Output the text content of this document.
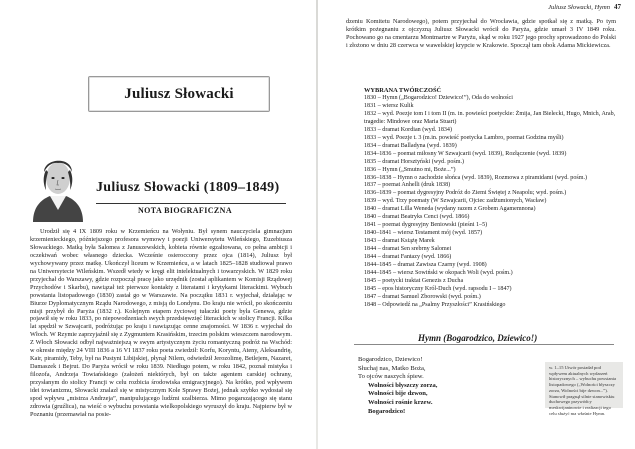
Juliusz Słowacki
Juliusz Słowacki (1809–1849)
NOTA BIOGRAFICZNA

Urodził się 4 IX 1809 roku w Krzemieńcu na Wołyniu. Był synem nauczyciela gimnazjum krzemienieckiego, późniejszego profesora wymowy i poezji Uniwersytetu Wileńskiego, Euzebiusza Słowackiego. Matką była Salomea z Januszewskich, kobieta równie egzaltowana, co pełna ambicji i oczekiwań wobec własnego dziecka. Wcześnie osieroccony przez ojca (1814), Juliusz był wychowywany przez matkę. Ukończył liceum w Krzemieńcu, a w latach 1825–1828 studiował prawo na Uniwersytecie Wileńskim. Wszedł wtedy w kręgi elit intelektualnych i towarzyskich. W 1829 roku przyjechał do Warszawy, gdzie rozpoczął pracę jako urzędnik (został aplikantem w Komisji Rządowej Przychodów i Skarbu), nawiązał też pierwsze kontakty z literatami i krytykami literackimi. Wybuch powstania listopadowego (1830) zastał go w Warszawie. Na początku 1831 r. wyjechał, działając w Biurze Dyplomatycznym Rządu Narodowego, z misją do Londynu. Do kraju nie wrócił, po skończeniu misji przybył do Paryża (1832 r.). Kolejnym etapem życiowej tułaczki poety była Genewa, gdzie pojawił się w roku 1833, po niepowodzeniach swych przedsięwzięć literackich w stolicy Francji. Kilka lat spędził w Szwajcarii, podróżując po kraju i nawiązując cenne znajomości. W 1836 r. wyjechał do Włoch. W Rzymie zaprzyjaźnił się z Zygmuntem Krasińskim, trzecim polskim wieszczem narodowym. Z Włoch Słowacki odbył najważniejszą w swym artystycznym życiu romantyczną podróż na Wschód: w okresie między 24 VIII 1836 a 16 VI 1837 roku poeta zwiedził: Korfu, Koryntu, Ateny, Aleksandrię, Kair, piramidy, Teby, był na Pustyni Libijskiej, płynął Nilem, odwiedził Jerozolimę, Betlejem, Nazaret, Damaszek i Bejrut. Do Paryża wrócił w roku 1839. Niedługo potem, w roku 1842, poznał mistyka i filozofa, Andrzeja Towiańskiego (założeń niektórych, był on także agentem carskiej ochrany, przysłanym do stolicy Francji w celu rozbicia środowiska emigracyjnego). Na krótko, pod wpływem idei towianizmu, Słowacki znalazł się w mistycznym Kole Sprawy Bożej, jednak szybko wydostał się spod wpływu „mistrza Andrzeja”, manipulującego ludźmi szalbierza. Mimo pogarszającego się stanu zdrowia (gruźlica), na wieść o wybuchu powstania wielkopolskiego wyruszył do kraju. Najpierw był w Poznaniu (przemawiał na posie-

Juliusz Słowacki, Hymn 47
dzeniu Komitetu Narodowego), potem przyjechał do Wrocławia, gdzie spotkał się z matką. Po tym krótkim pożegnaniu z ojczyzną Juliusz Słowacki wrócił do Paryża, gdzie umarł 3 IV 1849 roku. Pochowano go na cmentarzu Montmartre w Paryżu, skąd w roku 1927 jego prochy sprowadzono do Polski i złożono w dniu 28 czerwca w wawelskiej krypcie w Krakowie. Spoczął tam obok Adama Mickiewicza.
WYBRANA TWÓRCZOŚĆ
1830 – Hymn („Bogarodzico! Dziewico!”), Oda do wolności
1831 – wiersz Kulik
1832 – wyd. Poezje tom I i tom II (m. in. powieści poetyckie: Żmija, Jan Bielecki, Hugo, Mnich, Arab, tragedie: Mindowe oraz Maria Stuart)
1833 – dramat Kordian (wyd. 1834)
1833 – wyd. Poezje t. 3 (m.in. powieść poetycka Lambro, poemat Godzina myśli)
1834 – dramat Balladyna (wyd. 1839)
1834–1836 – poemat miłosny W Szwajcarii (wyd. 1839), Rozłączenie (wyd. 1839)
1835 – dramat Horsztyński (wyd. pośm.)
1836 – Hymn („Smutno mi, Boże...”)
1836–1838 – Hymn o zachodzie słońca (wyd. 1839), Rozmowa z piramidami (wyd. pośm.)
1837 – poemat Anhelli (druk 1838)
1836–1839 – poemat dygresyjny Podróż do Ziemi Świętej z Neapolu; wyd. pośm.)
1839 – wyd. Trzy poematy (W Szwajcarii, Ojciec zadżumionych, Wacław)
1840 – dramat Lilla Weneda (wydany razem z Grobem Agamemnona)
1840 – dramat Beatryks Cenci (wyd. 1866)
1841 – poemat dygresyjny Beniowski (pieśni 1–5)
1840–1841 – wiersz Testament mój (wyd. 1857)
1843 – dramat Książę Marek
1844 – dramat Sen srebrny Salomei
1844 – dramat Fantazy (wyd. 1866)
1844–1845 – dramat Zawisza Czarny (wyd. 1908)
1844–1845 – wiersz Sowiński w okopach Woli (wyd. pośm.)
1845 – poetycki traktat Genezis z Ducha
1845 – epos historyczny Król-Duch (wyd. rapsodu I – 1847)
1847 – dramat Samuel Zborowski (wyd. pośm.)
1848 – Odpowiedź na „Psalmy Przyszłości” Krasińskiego
Hymn (Bogarodzico, Dziewico!)
Bogarodzico, Dziewico!
Słuchaj nas, Matko Boża,
To ojców naszych śpiew.
Wolności błyszczy zorza,
Wolności bije dzwon,
Wolności rośnie krzew.
Bogarodzico!
w. 1–15 Utwór posiadał pod wpływem aktualnych wydarzeń historycznych – wybuchu powstania listopadowego („Wolności błyszczy zorza, Wolności bije dzwon...”). Stanowił pragnął silnie stanowiskiu duchowego przywódcy meskwijaninowie i realizacji tego celu służyć ma właśnie Hymn.
